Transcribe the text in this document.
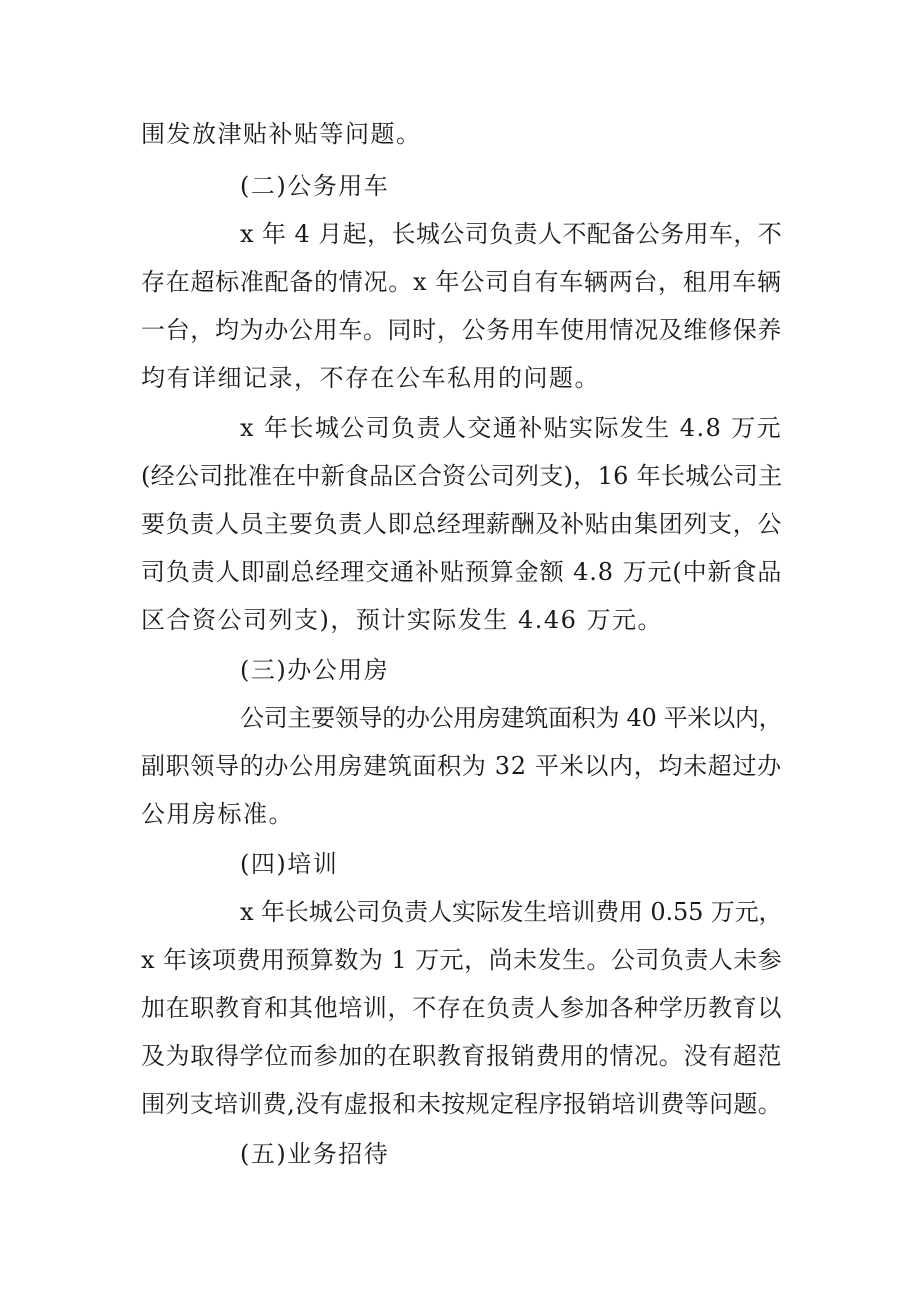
围发放津贴补贴等问题。
(二)公务用车
x 年 4 月起，长城公司负责人不配备公务用车，不
存在超标准配备的情况。x 年公司自有车辆两台，租用车辆
一台，均为办公用车。同时，公务用车使用情况及维修保养
均有详细记录，不存在公车私用的问题。
x 年长城公司负责人交通补贴实际发生 4.8 万元
(经公司批准在中新食品区合资公司列支)，16 年长城公司主
要负责人员主要负责人即总经理薪酬及补贴由集团列支，公
司负责人即副总经理交通补贴预算金额 4.8 万元(中新食品
区合资公司列支)，预计实际发生 4.46 万元。
(三)办公用房
公司主要领导的办公用房建筑面积为 40 平米以内，
副职领导的办公用房建筑面积为 32 平米以内，均未超过办
公用房标准。
(四)培训
x 年长城公司负责人实际发生培训费用 0.55 万元，
x 年该项费用预算数为 1 万元，尚未发生。公司负责人未参
加在职教育和其他培训，不存在负责人参加各种学历教育以
及为取得学位而参加的在职教育报销费用的情况。没有超范
围列支培训费,没有虚报和未按规定程序报销培训费等问题。
(五)业务招待
